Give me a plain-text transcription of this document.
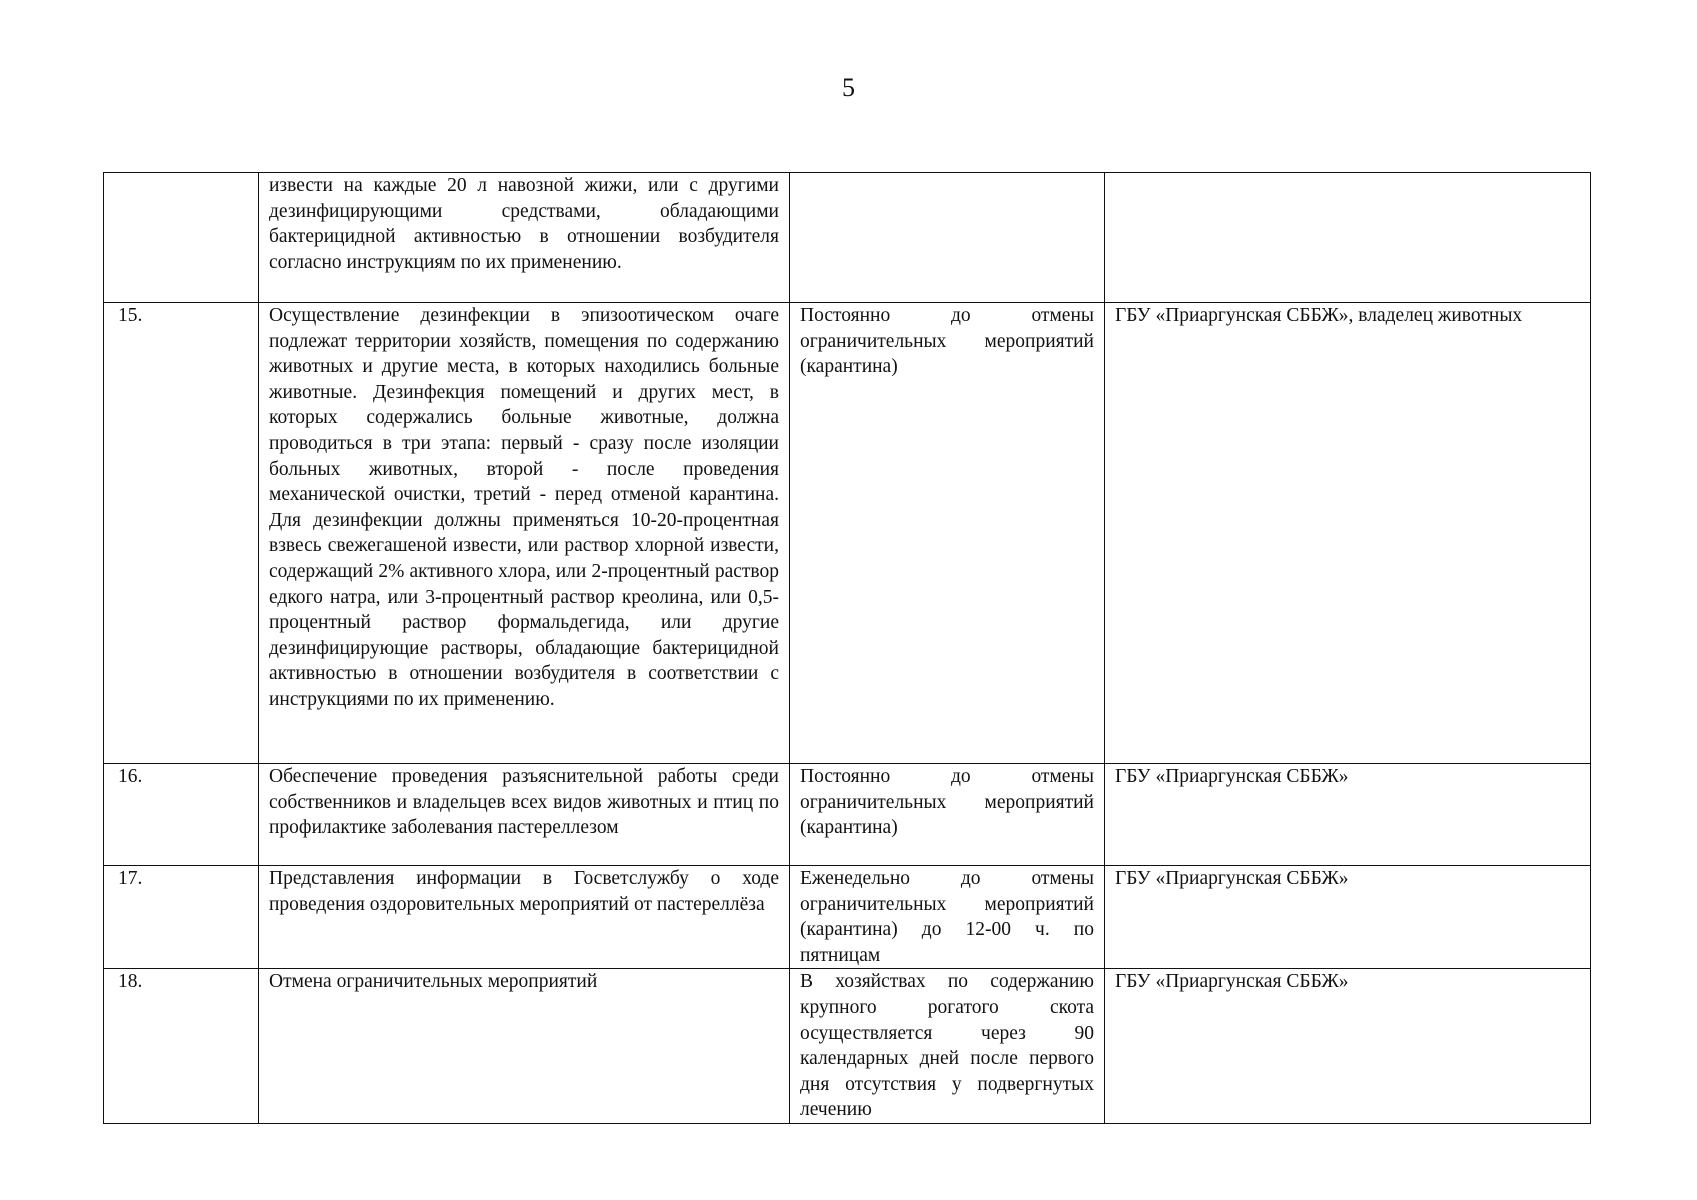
5
	извести на каждые 20 л навозной жижи, или с другими дезинфицирующими средствами, обладающими бактерицидной активностью в отношении возбудителя согласно инструкциям по их применению.		
15.	Осуществление дезинфекции в эпизоотическом очаге подлежат территории хозяйств, помещения по содержанию животных и другие места, в которых находились больные животные. Дезинфекция помещений и других мест, в которых содержались больные животные, должна проводиться в три этапа: первый - сразу после изоляции больных животных, второй - после проведения механической очистки, третий - перед отменой карантина. Для дезинфекции должны применяться 10-20-процентная взвесь свежегашеной извести, или раствор хлорной извести, содержащий 2% активного хлора, или 2-процентный раствор едкого натра, или 3-процентный раствор креолина, или 0,5-процентный раствор формальдегида, или другие дезинфицирующие растворы, обладающие бактерицидной активностью в отношении возбудителя в соответствии с инструкциями по их применению.	Постоянно до отмены ограничительных мероприятий (карантина)	ГБУ «Приаргунская СББЖ», владелец животных
16.	Обеспечение проведения разъяснительной работы среди собственников и владельцев всех видов животных и птиц по профилактике заболевания пастереллезом	Постоянно до отмены ограничительных мероприятий (карантина)	ГБУ «Приаргунская СББЖ»
17.	Представления информации в Госветслужбу о ходе проведения оздоровительных мероприятий от пастереллёза	Еженедельно до отмены ограничительных мероприятий (карантина) до 12-00 ч. по пятницам	ГБУ «Приаргунская СББЖ»
18.	Отмена ограничительных мероприятий	В хозяйствах по содержанию крупного рогатого скота осуществляется через 90 календарных дней после первого дня отсутствия у подвергнутых лечению	ГБУ «Приаргунская СББЖ»
